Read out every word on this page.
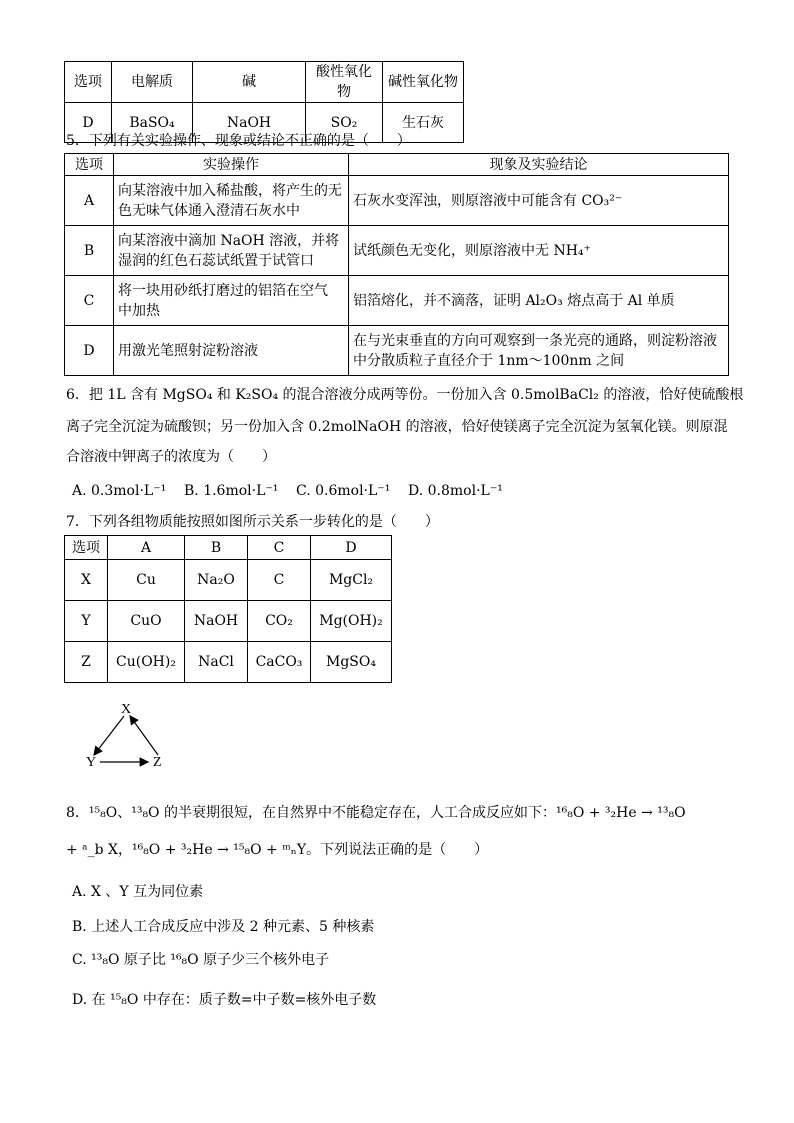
选项	电解质	碱	酸性氧化物	碱性氧化物
D	BaSO₄	NaOH	SO₂	生石灰
5．下列有关实验操作、现象或结论不正确的是（　　）
选项	实验操作	现象及实验结论
A	向某溶液中加入稀盐酸，将产生的无
色无味气体通入澄清石灰水中	石灰水变浑浊，则原溶液中可能含有 CO₃²⁻

B	向某溶液中滴加 NaOH 溶液，并将
湿润的红色石蕊试纸置于试管口	试纸颜色无变化，则原溶液中无 NH₄⁺

C	将一块用砂纸打磨过的铝箔在空气
中加热	铝箔熔化，并不滴落，证明 Al₂O₃ 熔点高于 Al 单质

D	用激光笔照射淀粉溶液	在与光束垂直的方向可观察到一条光亮的通路，则淀粉溶液
中分散质粒子直径介于 1nm～100nm 之间
6．把 1L 含有 MgSO₄ 和 K₂SO₄ 的混合溶液分成两等份。一份加入含 0.5molBaCl₂ 的溶液，恰好使硫酸根
离子完全沉淀为硫酸钡；另一份加入含 0.2molNaOH 的溶液，恰好使镁离子完全沉淀为氢氧化镁。则原混
合溶液中钾离子的浓度为（　　）
A. 0.3mol·L⁻¹ B. 1.6mol·L⁻¹ C. 0.6mol·L⁻¹ D. 0.8mol·L⁻¹
7．下列各组物质能按照如图所示关系一步转化的是（　　）
选项	A	B	C	D
X	Cu	Na₂O	C	MgCl₂
Y	CuO	NaOH	CO₂	Mg(OH)₂
Z	Cu(OH)₂	NaCl	CaCO₃	MgSO₄
X
Y	Z
8．¹⁵₈O、¹³₈O 的半衰期很短，在自然界中不能稳定存在，人工合成反应如下：¹⁶₈O + ³₂He → ¹³₈O
+ ᵃ_b X，¹⁶₈O + ³₂He → ¹⁵₈O + ᵐₙY。下列说法正确的是（　　）
A. X 、Y 互为同位素
B. 上述人工合成反应中涉及 2 种元素、5 种核素
C. ¹³₈O 原子比 ¹⁶₈O 原子少三个核外电子
D. 在 ¹⁵₈O 中存在：质子数=中子数=核外电子数
